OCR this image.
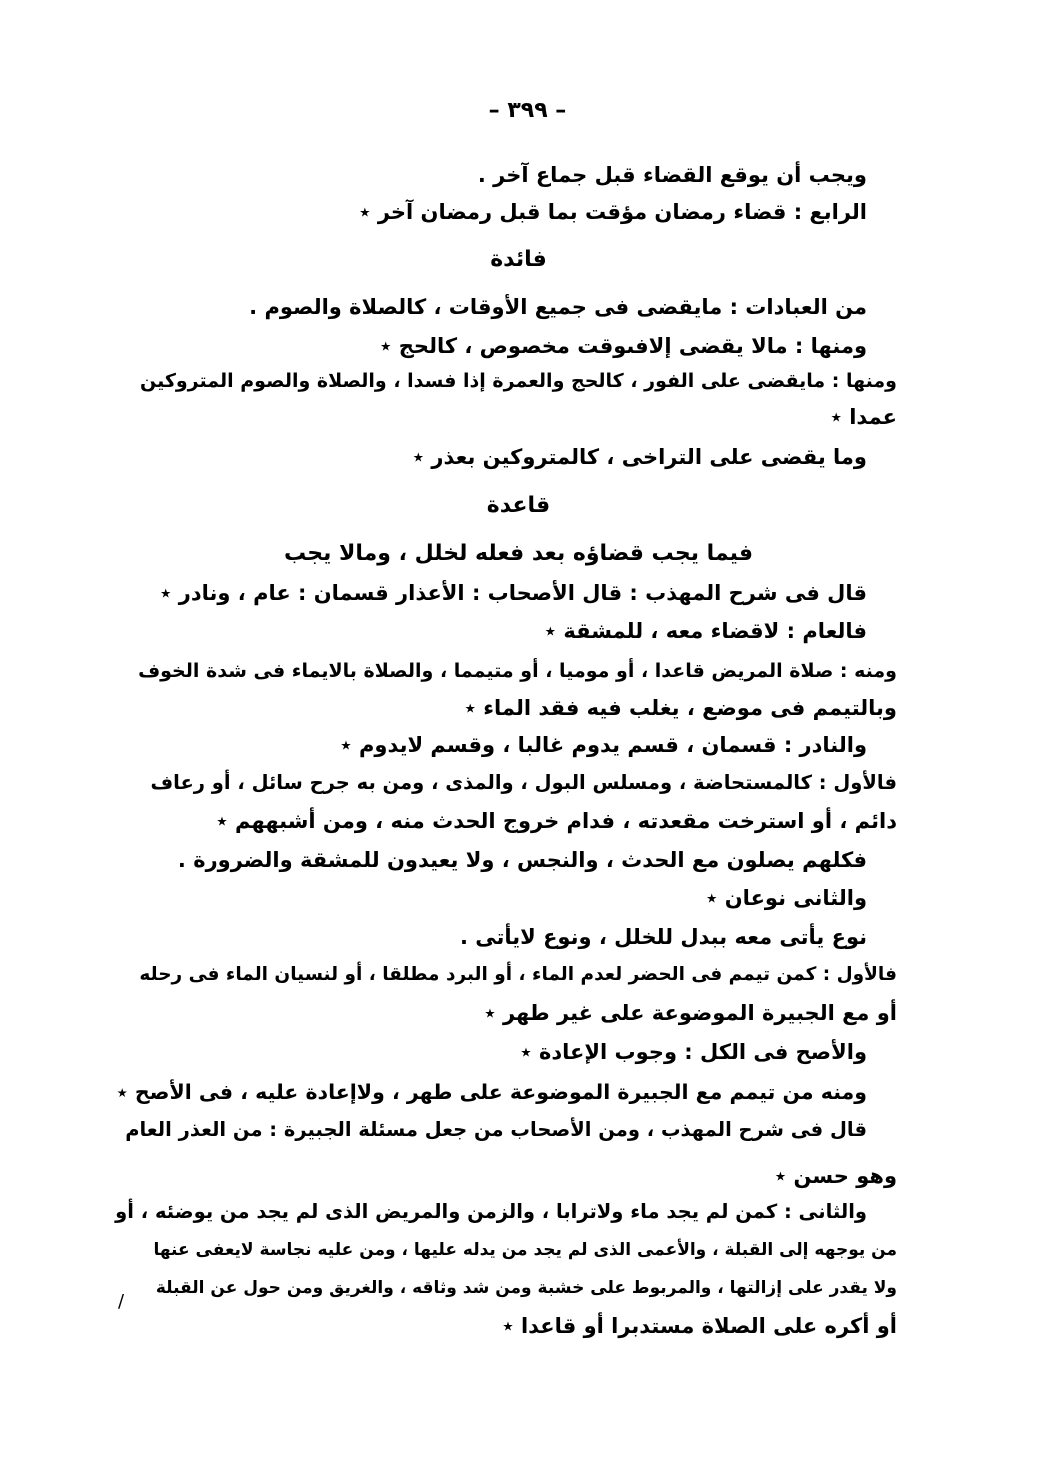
– ٣٩٩ –
ويجب أن يوقع القضاء قبل جماع آخر .
الرابع : قضاء رمضان مؤقت بما قبل رمضان آخر ٭
فائدة
من العبادات : مايقضى فى جميع الأوقات ، كالصلاة والصوم .
ومنها : مالا يقضى إلافىوقت مخصوص ، كالحج ٭
ومنها : مايقضى على الفور ، كالحج والعمرة إذا فسدا ، والصلاة والصوم المتروكين
عمدا ٭
وما يقضى على التراخى ، كالمتروكين بعذر ٭
قاعدة
فيما يجب قضاؤه بعد فعله لخلل ، ومالا يجب
قال فى شرح المهذب : قال الأصحاب : الأعذار قسمان : عام ، ونادر ٭
فالعام : لاقضاء معه ، للمشقة ٭
ومنه : صلاة المريض قاعدا ، أو موميا ، أو متيمما ، والصلاة بالايماء فى شدة الخوف
وبالتيمم فى موضع ، يغلب فيه فقد الماء ٭
والنادر : قسمان ، قسم يدوم غالبا ، وقسم لايدوم ٭
فالأول : كالمستحاضة ، ومسلس البول ، والمذى ، ومن به جرح سائل ، أو رعاف
دائم ، أو استرخت مقعدته ، فدام خروج الحدث منه ، ومن أشبههم ٭
فكلهم يصلون مع الحدث ، والنجس ، ولا يعيدون للمشقة والضرورة .
والثانى نوعان ٭
نوع يأتى معه ببدل للخلل ، ونوع لايأتى .
فالأول : كمن تيمم فى الحضر لعدم الماء ، أو البرد مطلقا ، أو لنسيان الماء فى رحله
أو مع الجبيرة الموضوعة على غير طهر ٭
والأصح فى الكل : وجوب الإعادة ٭
ومنه من تيمم مع الجبيرة الموضوعة على طهر ، ولاإعادة عليه ، فى الأصح ٭
قال فى شرح المهذب ، ومن الأصحاب من جعل مسئلة الجبيرة : من العذر العام
وهو حسن ٭
والثانى : كمن لم يجد ماء ولاترابا ، والزمن والمريض الذى لم يجد من يوضئه ، أو
من يوجهه إلى القبلة ، والأعمى الذى لم يجد من يدله عليها ، ومن عليه نجاسة لايعفى عنها
ولا يقدر على إزالتها ، والمربوط على خشبة ومن شد وثاقه ، والغريق ومن حول عن القبلة
أو أكره على الصلاة مستدبرا أو قاعدا ٭
/
